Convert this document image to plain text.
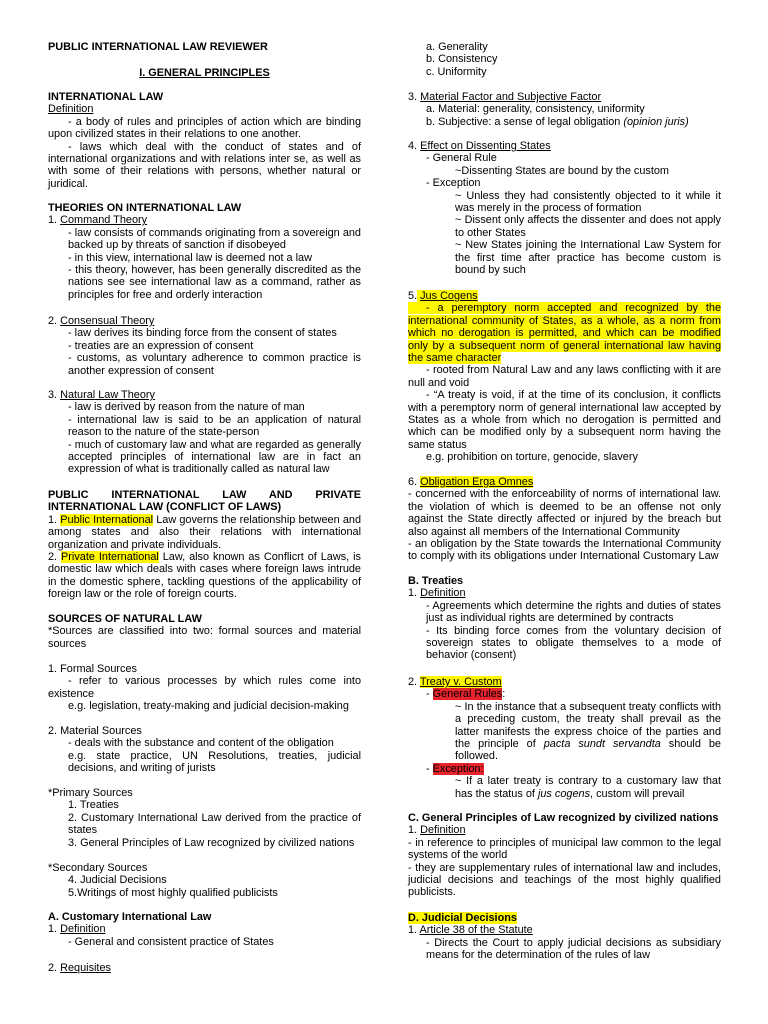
PUBLIC INTERNATIONAL LAW REVIEWER

I. GENERAL PRINCIPLES

INTERNATIONAL LAW

Definition

- a body of rules and principles of action which are binding upon civilized states in their relations to one another.

- laws which deal with the conduct of states and of international organizations and with relations inter se, as well as with some of their relations with persons, whether natural or juridical.

THEORIES ON INTERNATIONAL LAW

1. Command Theory

- law consists of commands originating from a sovereign and backed up by threats of sanction if disobeyed

- in this view, international law is deemed not a law

- this theory, however, has been generally discredited as the nations see see international law as a command, rather as principles for free and orderly interaction

2. Consensual Theory

- law derives its binding force from the consent of states

- treaties are an expression of consent

- customs, as voluntary adherence to common practice is another expression of consent

3. Natural Law Theory

- law is derived by reason from the nature of man

- international law is said to be an application of natural reason to the nature of the state-person

- much of customary law and what are regarded as generally accepted principles of international law are in fact an expression of what is traditionally called as natural law

PUBLIC INTERNATIONAL LAW AND PRIVATE INTERNATIONAL LAW (CONFLICT OF LAWS)

1. Public International Law governs the relationship between and among states and also their relations with international organization and private individuals.

2. Private International Law, also known as Conflicrt of Laws, is domestic law which deals with cases where foreign laws intrude in the domestic sphere, tackling questions of the applicability of foreign law or the role of foreign courts.

SOURCES OF NATURAL LAW

*Sources are classified into two: formal sources and material sources

1. Formal Sources

- refer to various processes by which rules come into existence

e.g. legislation, treaty-making and judicial decision-making

2. Material Sources

- deals with the substance and content of the obligation

e.g. state practice, UN Resolutions, treaties, judicial decisions, and writing of jurists

*Primary Sources

1. Treaties

2. Customary International Law derived from the practice of states

3. General Principles of Law recognized by civilized nations

*Secondary Sources

4. Judicial Decisions

5.Writings of most highly qualified publicists

A. Customary International Law

1. Definition

- General and consistent practice of States

2. Requisites

a. Generality

b. Consistency

c. Uniformity

3. Material Factor and Subjective Factor

a. Material: generality, consistency, uniformity

b. Subjective: a sense of legal obligation (opinion juris)

4. Effect on Dissenting States

- General Rule

~Dissenting States are bound by the custom

- Exception

~ Unless they had consistently objected to it while it was merely in the process of formation

~ Dissent only affects the dissenter and does not apply to other States

~ New States joining the International Law System for the first time after practice has become custom is bound by such

5. Jus Cogens

- a peremptory norm accepted and recognized by the international community of States, as a whole, as a norm from which no derogation is permitted, and which can be modified only by a subsequent norm of general international law having the same character

- rooted from Natural Law and any laws conflicting with it are null and void

- “A treaty is void, if at the time of its conclusion, it conflicts with a peremptory norm of general international law accepted by States as a whole from which no derogation is permitted and which can be modified only by a subsequent norm having the same status

e.g. prohibition on torture, genocide, slavery

6. Obligation Erga Omnes

- concerned with the enforceability of norms of international law. the violation of which is deemed to be an offense not only against the State directly affected or injured by the breach but also against all members of the International Community

- an obligation by the State towards the International Community to comply with its obligations under International Customary Law

B. Treaties

1. Definition

- Agreements which determine the rights and duties of states just as individual rights are determined by contracts

- Its binding force comes from the voluntary decision of sovereign states to obligate themselves to a mode of behavior (consent)

2. Treaty v. Custom

- General Rules:

~ In the instance that a subsequent treaty conflicts with a preceding custom, the treaty shall prevail as the latter manifests the express choice of the parties and the principle of pacta sundt servandta should be followed.

- Exception:

~ If a later treaty is contrary to a customary law that has the status of jus cogens, custom will prevail

C. General Principles of Law recognized by civilized nations

1. Definition

- in reference to principles of municipal law common to the legal systems of the world

- they are supplementary rules of international law and includes, judicial decisions and teachings of the most highly qualified publicists.

D. Judicial Decisions

1. Article 38 of the Statute

- Directs the Court to apply judicial decisions as subsidiary means for the determination of the rules of law
